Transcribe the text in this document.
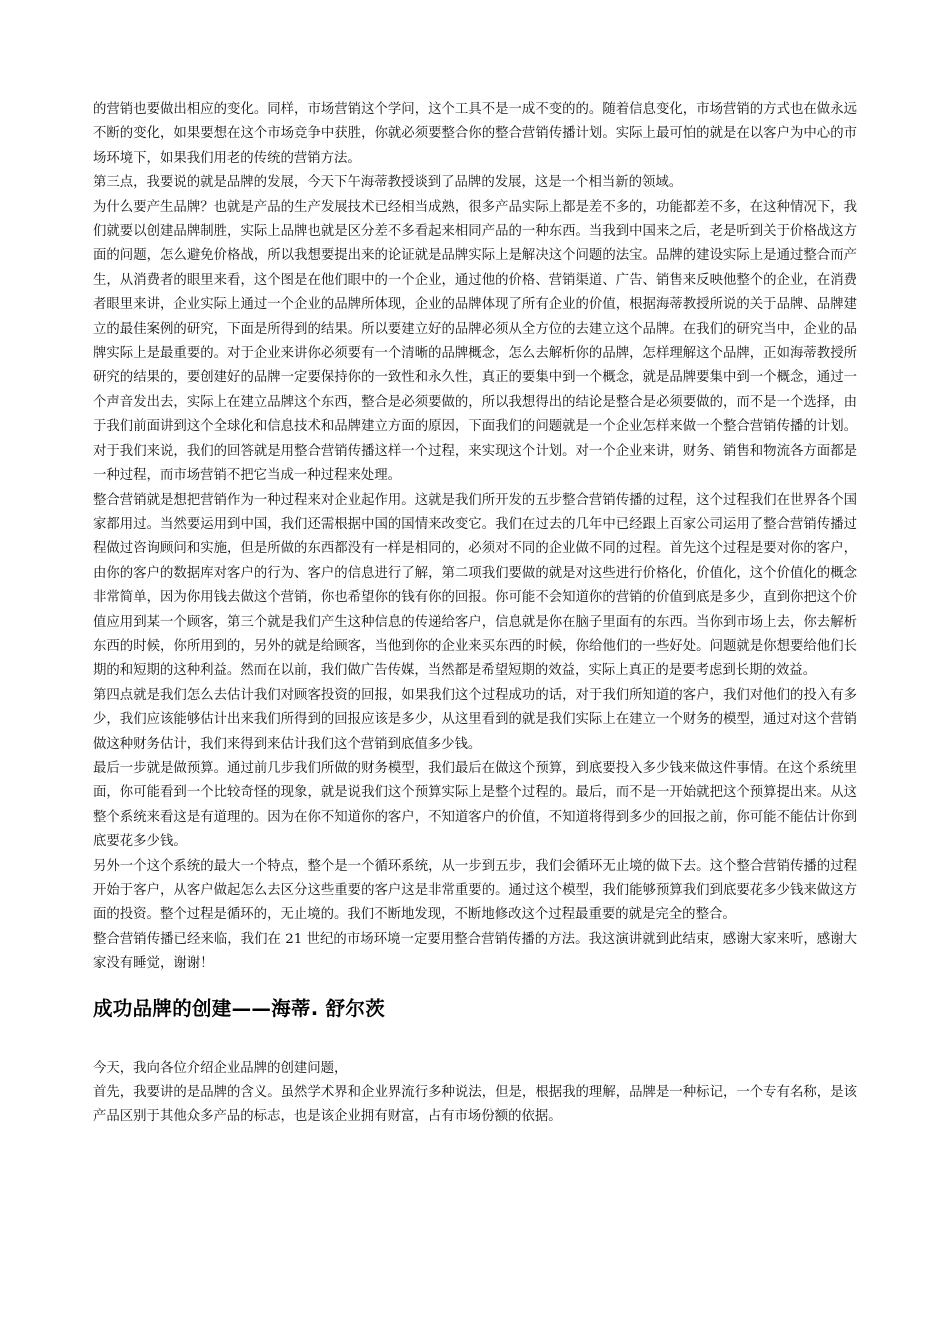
的营销也要做出相应的变化。同样，市场营销这个学问，这个工具不是一成不变的的。随着信息变化，市场营销的方式也在做永远不断的变化，如果要想在这个市场竞争中获胜，你就必须要整合你的整合营销传播计划。实际上最可怕的就是在以客户为中心的市场环境下，如果我们用老的传统的营销方法。

第三点，我要说的就是品牌的发展，今天下午海蒂教授谈到了品牌的发展，这是一个相当新的领域。

为什么要产生品牌？也就是产品的生产发展技术已经相当成熟，很多产品实际上都是差不多的，功能都差不多，在这种情况下，我们就要以创建品牌制胜，实际上品牌也就是区分差不多看起来相同产品的一种东西。当我到中国来之后，老是听到关于价格战这方面的问题，怎么避免价格战，所以我想要提出来的论证就是品牌实际上是解决这个问题的法宝。品牌的建设实际上是通过整合而产生，从消费者的眼里来看，这个图是在他们眼中的一个企业，通过他的价格、营销渠道、广告、销售来反映他整个的企业，在消费者眼里来讲，企业实际上通过一个企业的品牌所体现，企业的品牌体现了所有企业的价值，根据海蒂教授所说的关于品牌、品牌建立的最佳案例的研究，下面是所得到的结果。所以要建立好的品牌必须从全方位的去建立这个品牌。在我们的研究当中，企业的品牌实际上是最重要的。对于企业来讲你必须要有一个清晰的品牌概念，怎么去解析你的品牌，怎样理解这个品牌，正如海蒂教授所研究的结果的，要创建好的品牌一定要保持你的一致性和永久性，真正的要集中到一个概念，就是品牌要集中到一个概念，通过一个声音发出去，实际上在建立品牌这个东西，整合是必须要做的，所以我想得出的结论是整合是必须要做的，而不是一个选择，由于我们前面讲到这个全球化和信息技术和品牌建立方面的原因，下面我们的问题就是一个企业怎样来做一个整合营销传播的计划。对于我们来说，我们的回答就是用整合营销传播这样一个过程，来实现这个计划。对一个企业来讲，财务、销售和物流各方面都是一种过程，而市场营销不把它当成一种过程来处理。

整合营销就是想把营销作为一种过程来对企业起作用。这就是我们所开发的五步整合营销传播的过程，这个过程我们在世界各个国家都用过。当然要运用到中国，我们还需根据中国的国情来改变它。我们在过去的几年中已经跟上百家公司运用了整合营销传播过程做过咨询顾问和实施，但是所做的东西都没有一样是相同的，必须对不同的企业做不同的过程。首先这个过程是要对你的客户，由你的客户的数据库对客户的行为、客户的信息进行了解，第二项我们要做的就是对这些进行价格化，价值化，这个价值化的概念非常简单，因为你用钱去做这个营销，你也希望你的钱有你的回报。你可能不会知道你的营销的价值到底是多少，直到你把这个价值应用到某一个顾客，第三个就是我们产生这种信息的传递给客户，信息就是你在脑子里面有的东西。当你到市场上去，你去解析东西的时候，你所用到的，另外的就是给顾客，当他到你的企业来买东西的时候，你给他们的一些好处。问题就是你想要给他们长期的和短期的这种利益。然而在以前，我们做广告传媒，当然都是希望短期的效益，实际上真正的是要考虑到长期的效益。

第四点就是我们怎么去估计我们对顾客投资的回报，如果我们这个过程成功的话，对于我们所知道的客户，我们对他们的投入有多少，我们应该能够估计出来我们所得到的回报应该是多少，从这里看到的就是我们实际上在建立一个财务的模型，通过对这个营销做这种财务估计，我们来得到来估计我们这个营销到底值多少钱。

最后一步就是做预算。通过前几步我们所做的财务模型，我们最后在做这个预算，到底要投入多少钱来做这件事情。在这个系统里面，你可能看到一个比较奇怪的现象，就是说我们这个预算实际上是整个过程的。最后，而不是一开始就把这个预算提出来。从这整个系统来看这是有道理的。因为在你不知道你的客户，不知道客户的价值，不知道将得到多少的回报之前，你可能不能估计你到底要花多少钱。

另外一个这个系统的最大一个特点，整个是一个循环系统，从一步到五步，我们会循环无止境的做下去。这个整合营销传播的过程开始于客户，从客户做起怎么去区分这些重要的客户这是非常重要的。通过这个模型，我们能够预算我们到底要花多少钱来做这方面的投资。整个过程是循环的，无止境的。我们不断地发现，不断地修改这个过程最重要的就是完全的整合。

整合营销传播已经来临，我们在 21 世纪的市场环境一定要用整合营销传播的方法。我这演讲就到此结束，感谢大家来听，感谢大家没有睡觉，谢谢！

成功品牌的创建——海蒂. 舒尔茨

今天，我向各位介绍企业品牌的创建问题，

首先，我要讲的是品牌的含义。虽然学术界和企业界流行多种说法，但是，根据我的理解，品牌是一种标记，一个专有名称，是该产品区别于其他众多产品的标志，也是该企业拥有财富，占有市场份额的依据。
